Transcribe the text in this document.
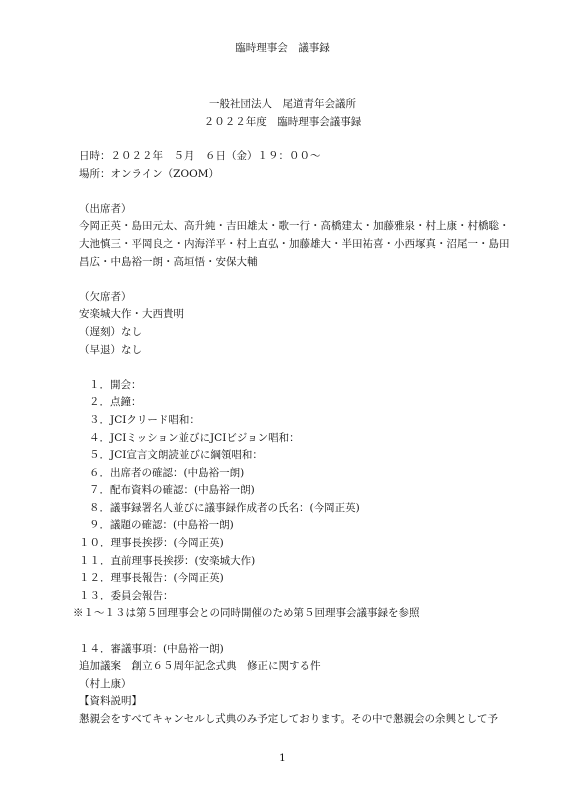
臨時理事会　議事録
一般社団法人　尾道青年会議所
２０２２年度　臨時理事会議事録
日時：２０２２年　５月　６日（金）１９：００～
場所：オンライン（ZOOM）
（出席者）
今岡正英・島田元太、高升純・吉田雄太・歌一行・高橋建太・加藤雅泉・村上康・村橋聡・
大池慎三・平岡良之・内海洋平・村上直弘・加藤雄大・半田祐喜・小西塚真・沼尾一・島田
昌広・中島裕一朗・高垣悟・安保大輔
（欠席者）
安楽城大作・大西貴明
（遅刻）なし
（早退）なし
１．開会：
２．点鐘：
３．JCIクリード唱和：
４．JCIミッション並びにJCIビジョン唱和：
５．JCI宣言文朗読並びに綱領唱和：
６．出席者の確認：(中島裕一朗)
７．配布資料の確認：(中島裕一朗)
８．議事録署名人並びに議事録作成者の氏名：(今岡正英)
９．議題の確認：(中島裕一朗)
１０．理事長挨拶：(今岡正英)
１１．直前理事長挨拶：(安楽城大作)
１２．理事長報告：(今岡正英)
１３．委員会報告：
※１～１３は第５回理事会との同時開催のため第５回理事会議事録を参照
１４．審議事項：(中島裕一朗)
追加議案　創立６５周年記念式典　修正に関する件
（村上康）
【資料説明】
懇親会をすべてキャンセルし式典のみ予定しております。その中で懇親会の余興として予
1
